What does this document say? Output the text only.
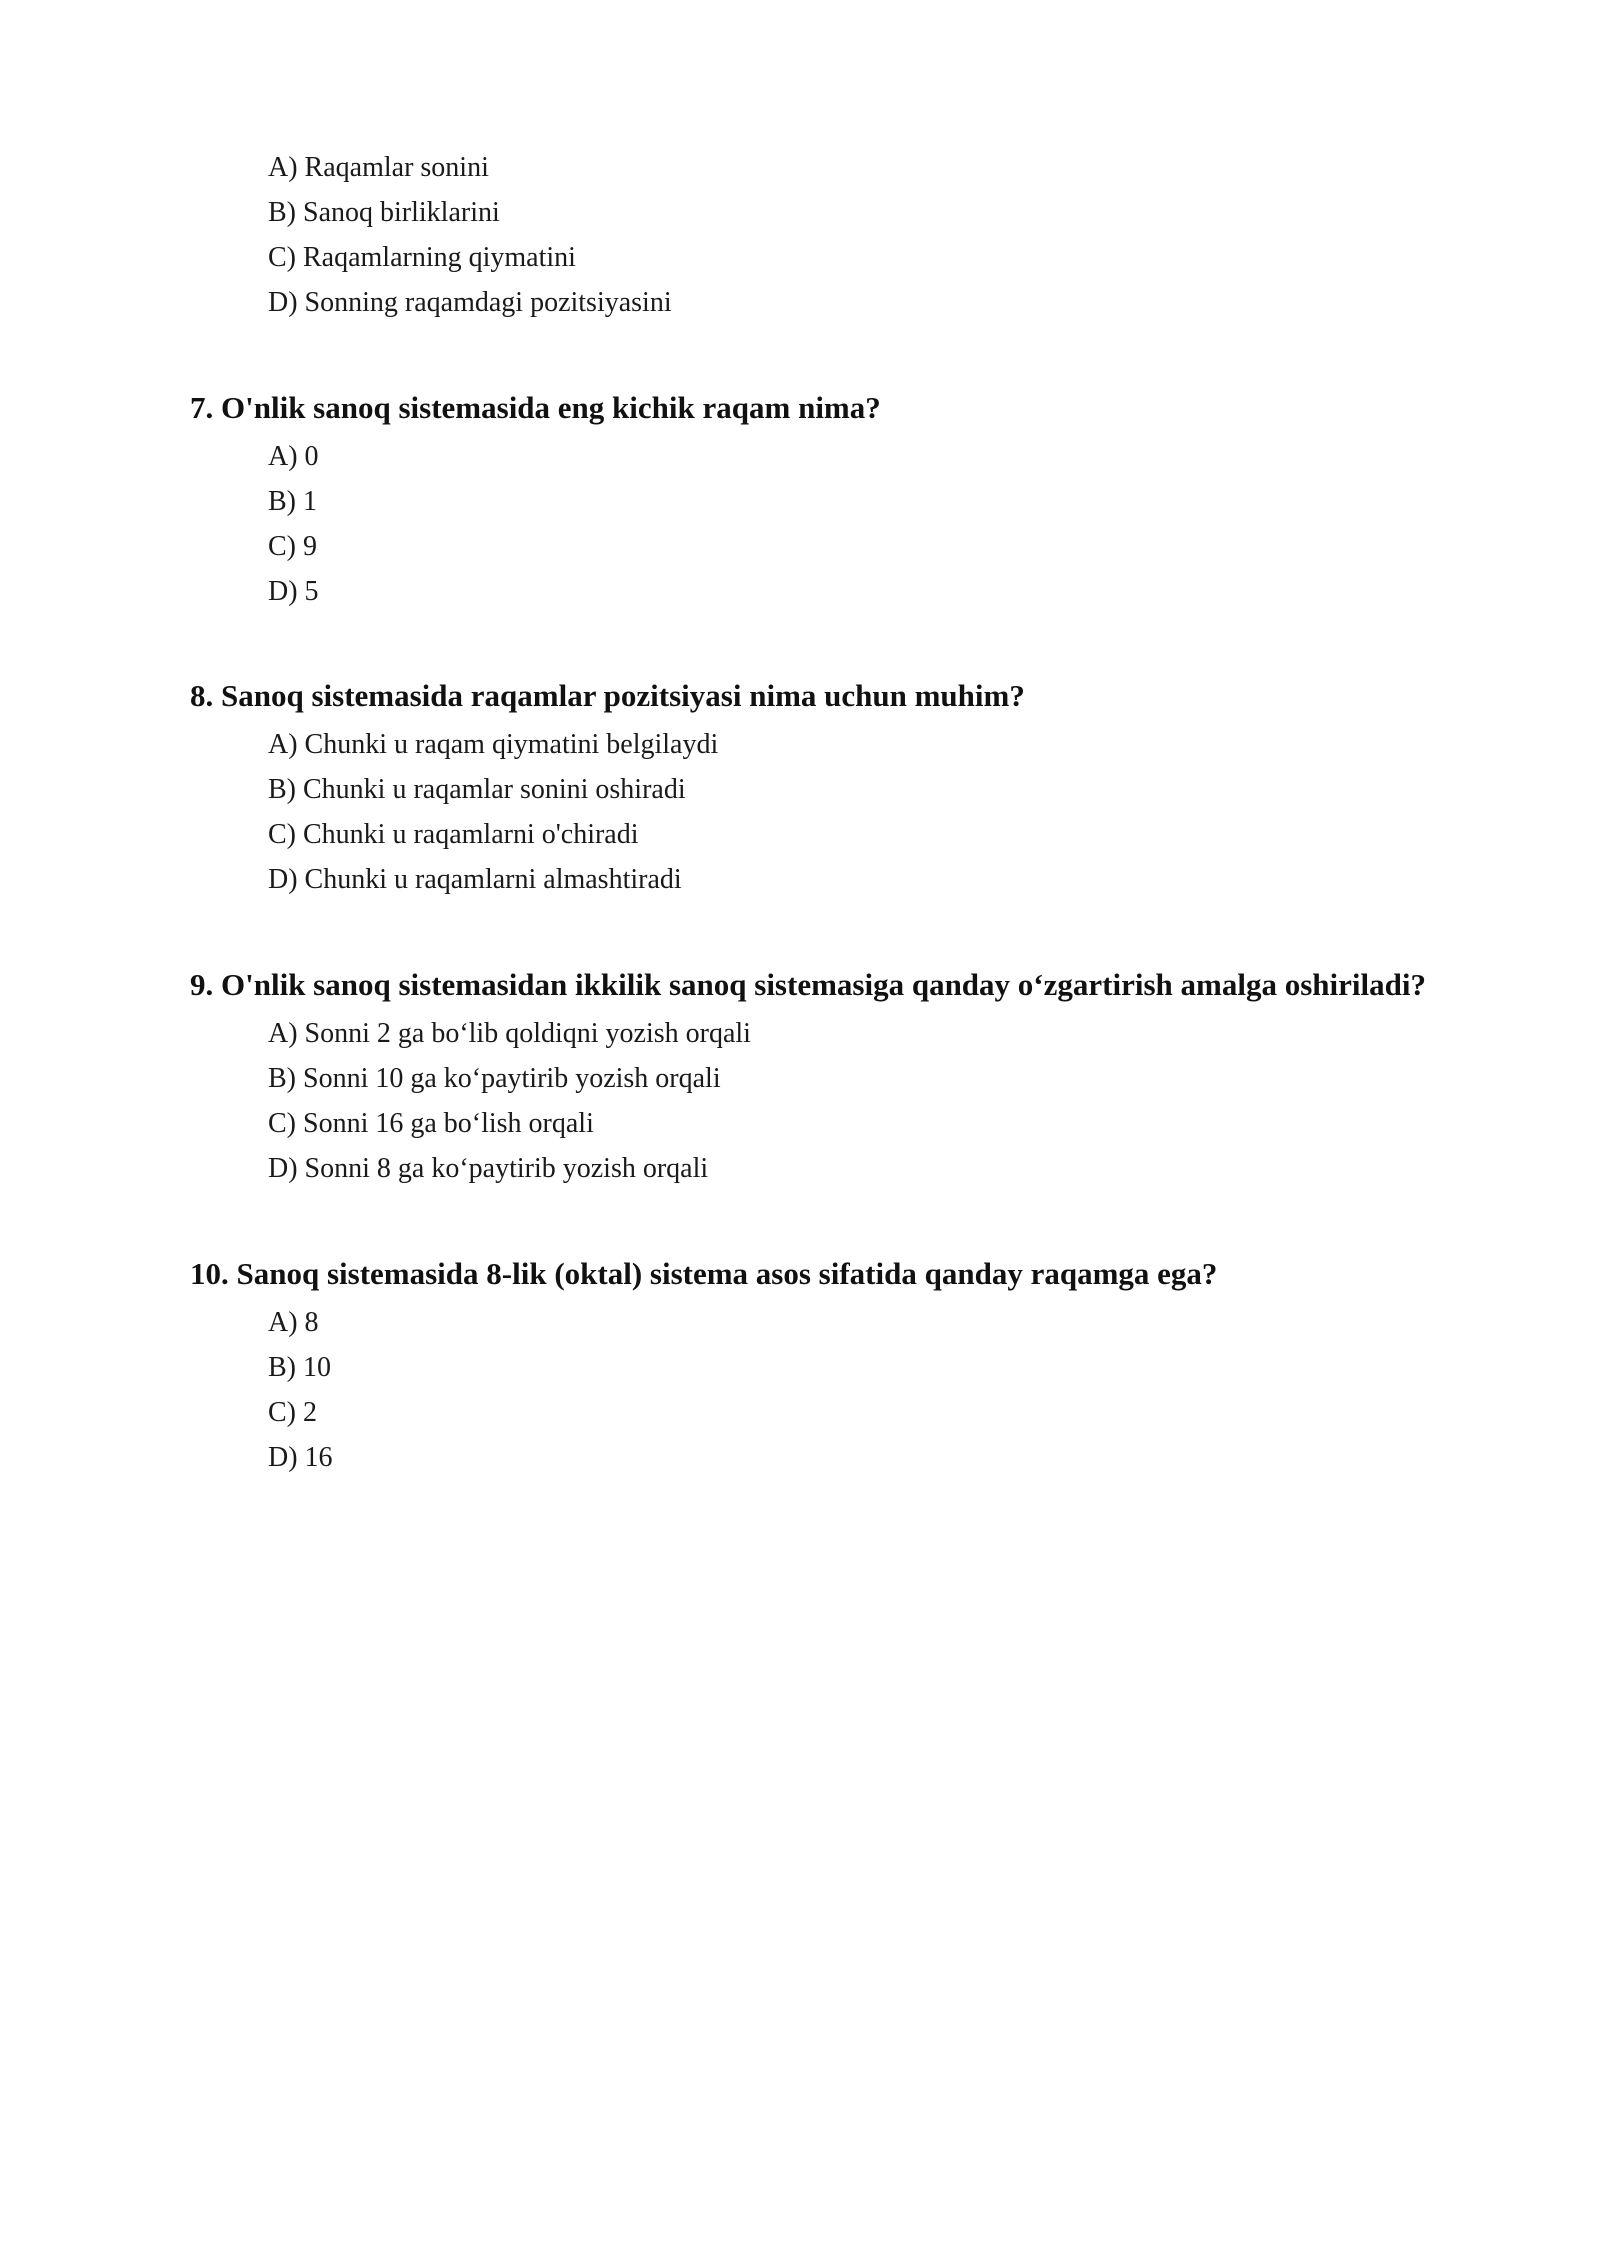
A) Raqamlar sonini
B) Sanoq birliklarini
C) Raqamlarning qiymatini
D) Sonning raqamdagi pozitsiyasini
7. O'nlik sanoq sistemasida eng kichik raqam nima?
A) 0
B) 1
C) 9
D) 5
8. Sanoq sistemasida raqamlar pozitsiyasi nima uchun muhim?
A) Chunki u raqam qiymatini belgilaydi
B) Chunki u raqamlar sonini oshiradi
C) Chunki u raqamlarni o'chiradi
D) Chunki u raqamlarni almashtiradi
9. O'nlik sanoq sistemasidan ikkilik sanoq sistemasiga qanday o‘zgartirish amalga oshiriladi?
A) Sonni 2 ga bo‘lib qoldiqni yozish orqali
B) Sonni 10 ga ko‘paytirib yozish orqali
C) Sonni 16 ga bo‘lish orqali
D) Sonni 8 ga ko‘paytirib yozish orqali
10. Sanoq sistemasida 8-lik (oktal) sistema asos sifatida qanday raqamga ega?
A) 8
B) 10
C) 2
D) 16
